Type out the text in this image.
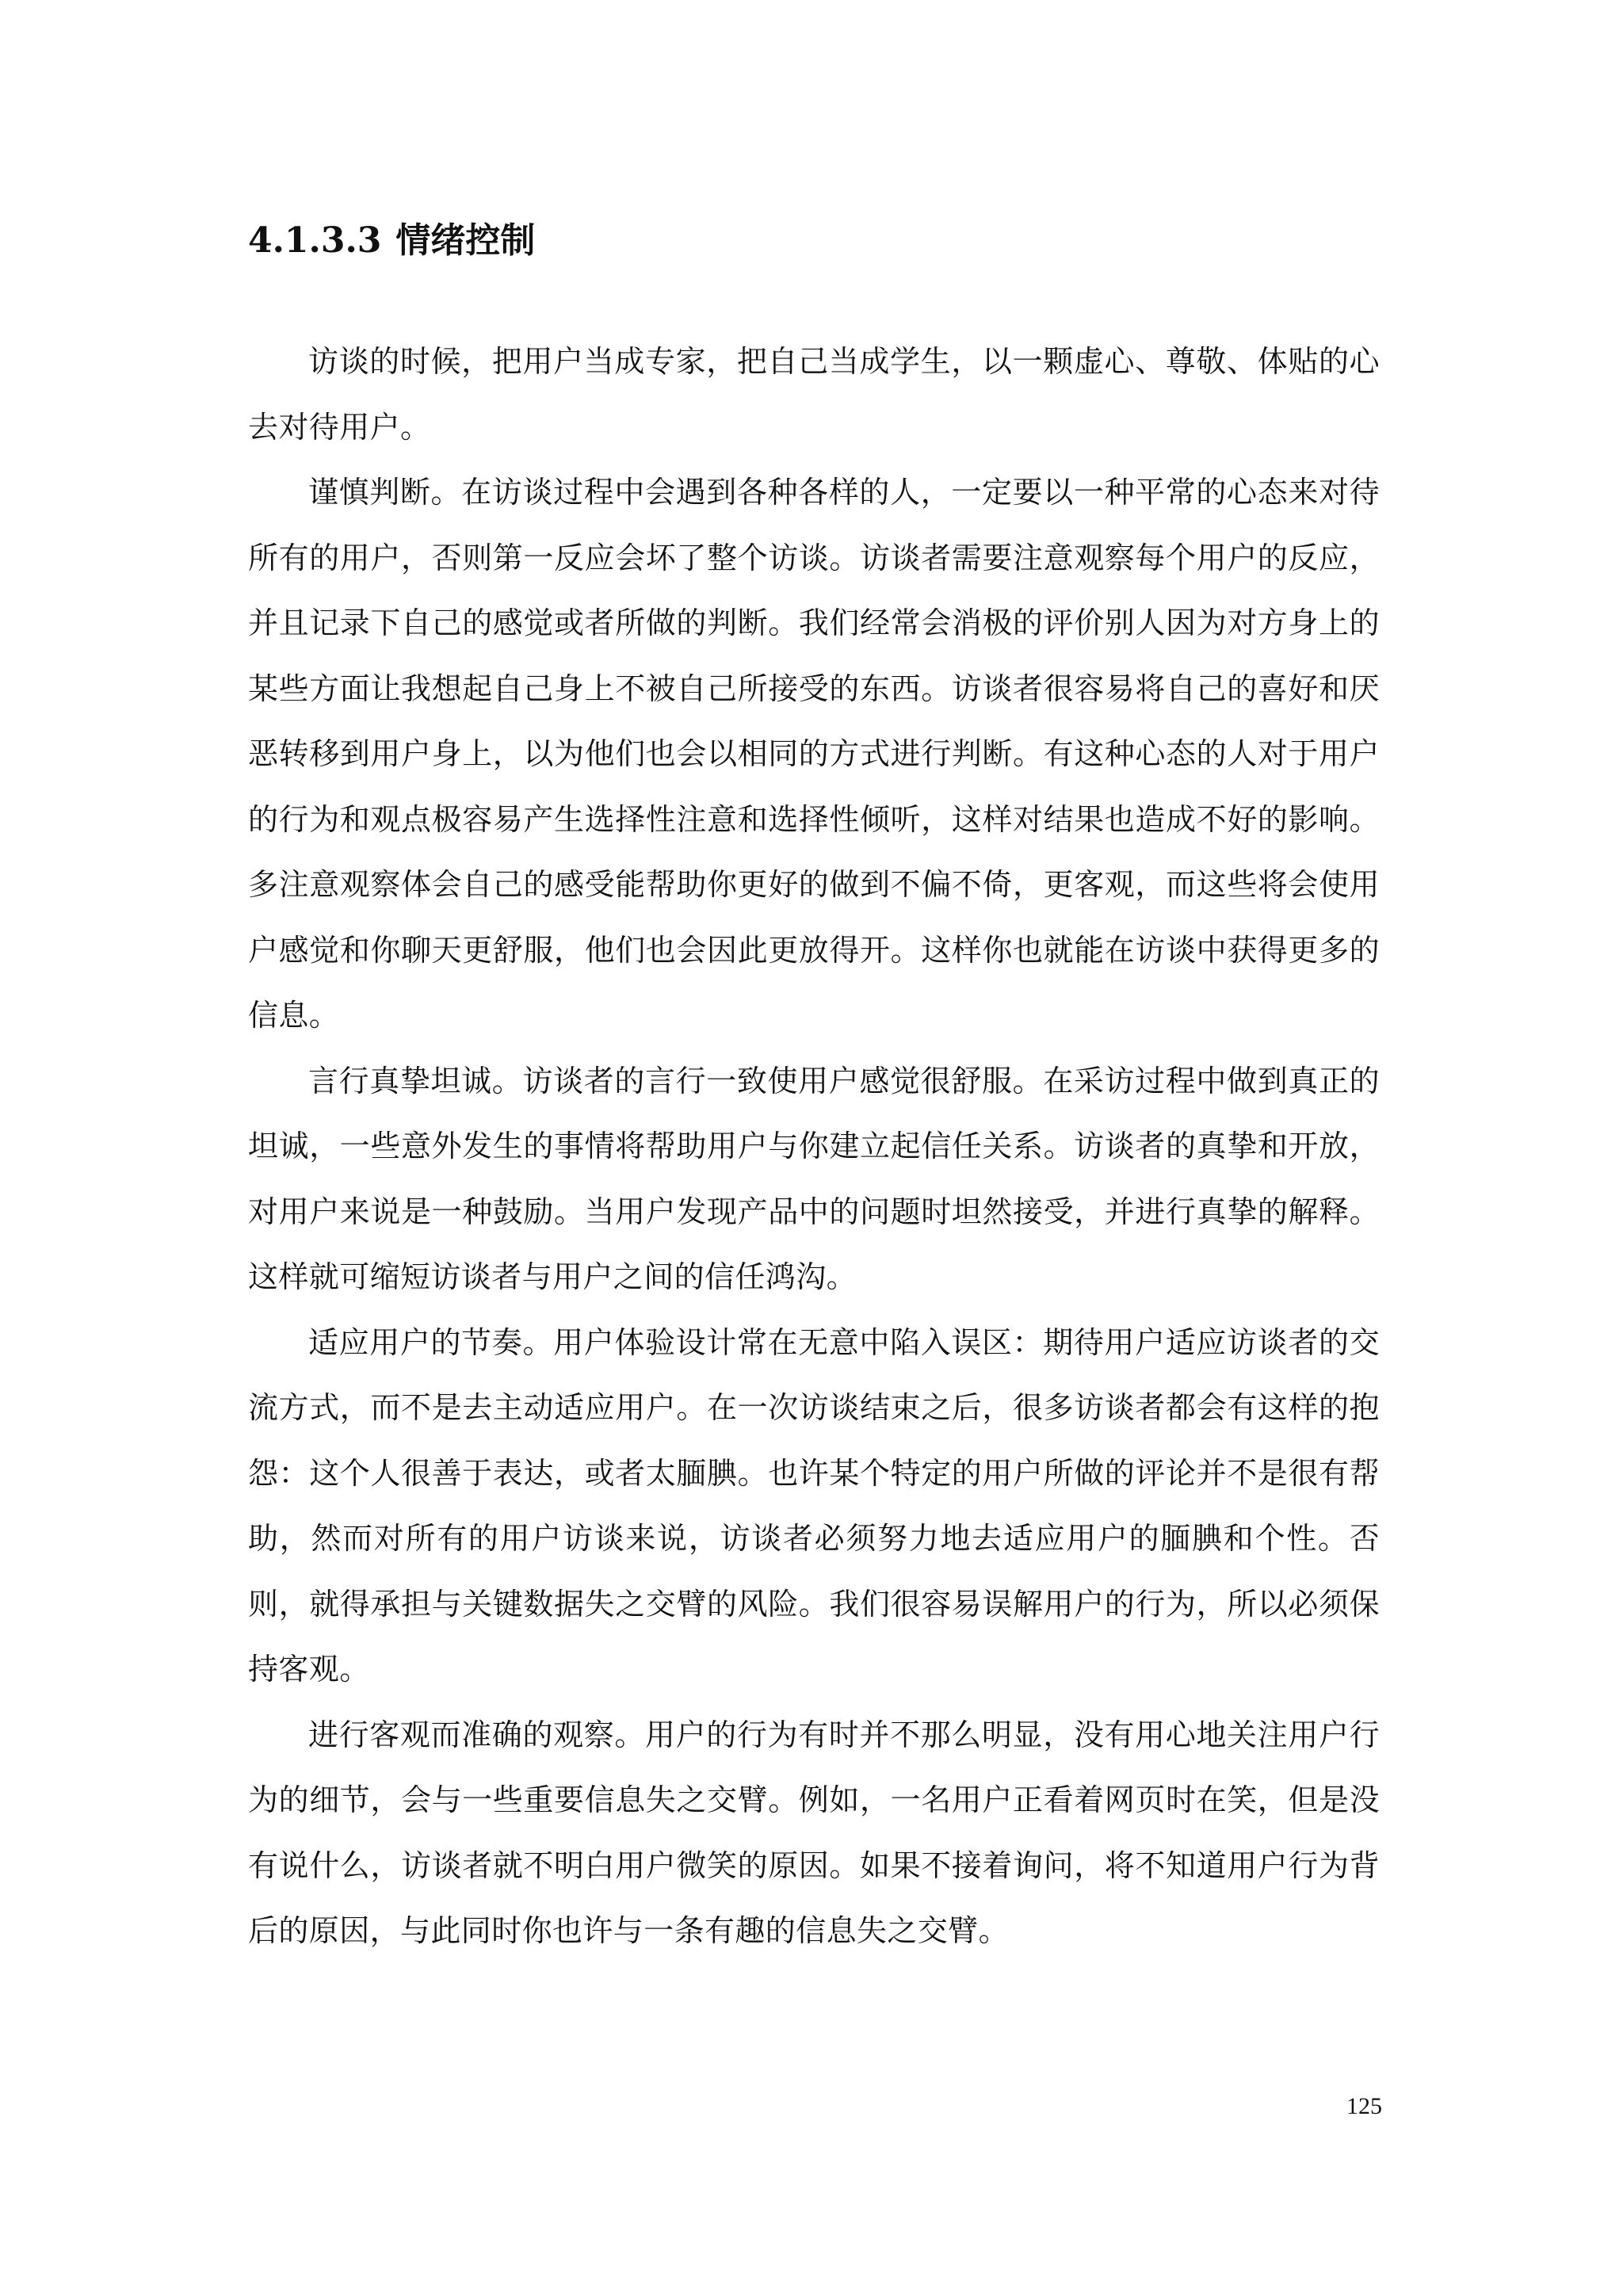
4.1.3.3 情绪控制

访谈的时候，把用户当成专家，把自己当成学生，以一颗虚心、尊敬、体贴的心去对待用户。

谨慎判断。在访谈过程中会遇到各种各样的人，一定要以一种平常的心态来对待所有的用户，否则第一反应会坏了整个访谈。访谈者需要注意观察每个用户的反应，并且记录下自己的感觉或者所做的判断。我们经常会消极的评价别人因为对方身上的某些方面让我想起自己身上不被自己所接受的东西。访谈者很容易将自己的喜好和厌恶转移到用户身上，以为他们也会以相同的方式进行判断。有这种心态的人对于用户的行为和观点极容易产生选择性注意和选择性倾听，这样对结果也造成不好的影响。多注意观察体会自己的感受能帮助你更好的做到不偏不倚，更客观，而这些将会使用户感觉和你聊天更舒服，他们也会因此更放得开。这样你也就能在访谈中获得更多的信息。

言行真挚坦诚。访谈者的言行一致使用户感觉很舒服。在采访过程中做到真正的坦诚，一些意外发生的事情将帮助用户与你建立起信任关系。访谈者的真挚和开放，对用户来说是一种鼓励。当用户发现产品中的问题时坦然接受，并进行真挚的解释。这样就可缩短访谈者与用户之间的信任鸿沟。

适应用户的节奏。用户体验设计常在无意中陷入误区：期待用户适应访谈者的交流方式，而不是去主动适应用户。在一次访谈结束之后，很多访谈者都会有这样的抱怨：这个人很善于表达，或者太腼腆。也许某个特定的用户所做的评论并不是很有帮助，然而对所有的用户访谈来说，访谈者必须努力地去适应用户的腼腆和个性。否则，就得承担与关键数据失之交臂的风险。我们很容易误解用户的行为，所以必须保持客观。

进行客观而准确的观察。用户的行为有时并不那么明显，没有用心地关注用户行为的细节，会与一些重要信息失之交臂。例如，一名用户正看着网页时在笑，但是没有说什么，访谈者就不明白用户微笑的原因。如果不接着询问，将不知道用户行为背后的原因，与此同时你也许与一条有趣的信息失之交臂。

125
